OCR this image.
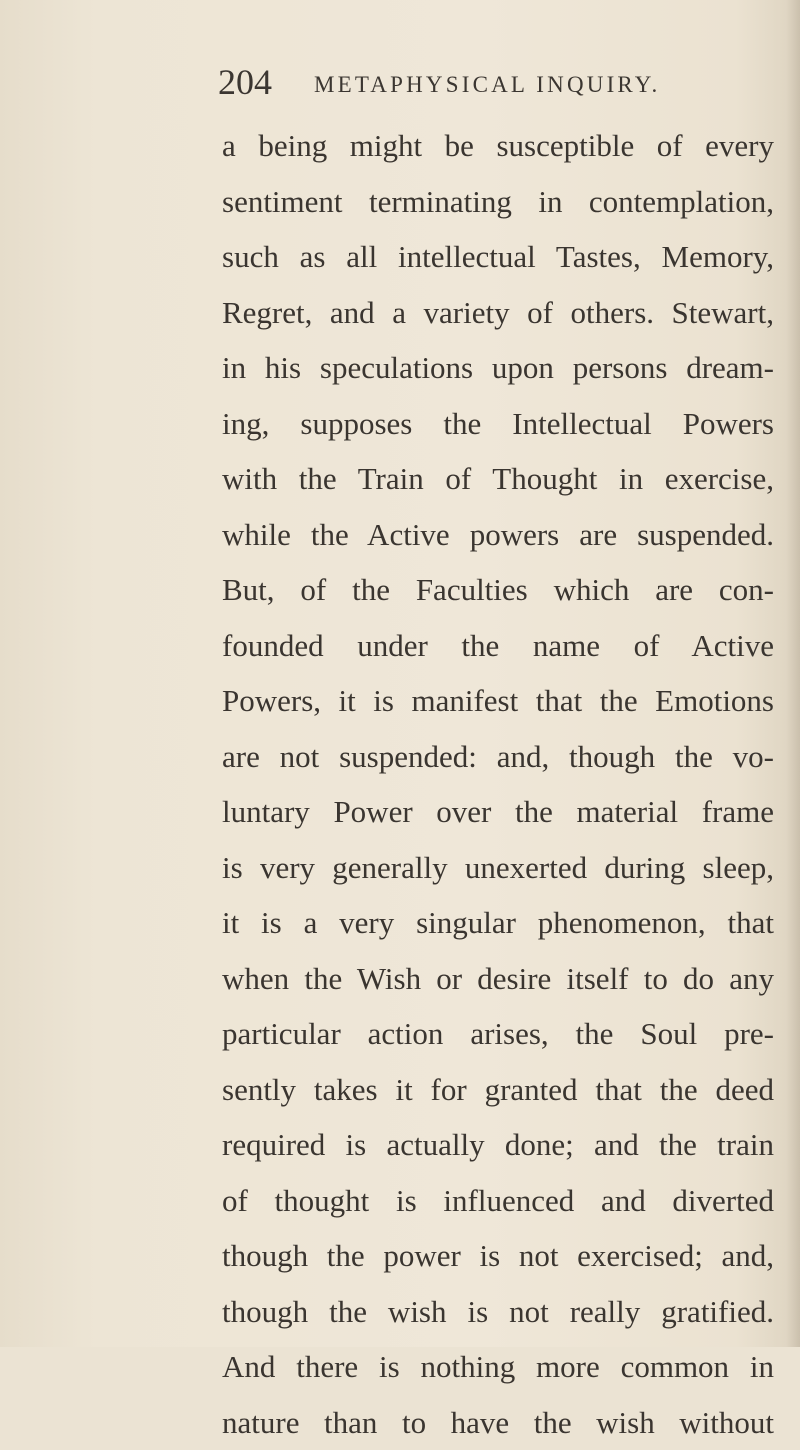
204 METAPHYSICAL INQUIRY.
a being might be susceptible of every
sentiment terminating in contemplation,
such as all intellectual Tastes, Memory,
Regret, and a variety of others. Stewart,
in his speculations upon persons dream-
ing, supposes the Intellectual Powers
with the Train of Thought in exercise,
while the Active powers are suspended.
But, of the Faculties which are con-
founded under the name of Active
Powers, it is manifest that the Emotions
are not suspended: and, though the vo-
luntary Power over the material frame
is very generally unexerted during sleep,
it is a very singular phenomenon, that
when the Wish or desire itself to do any
particular action arises, the Soul pre-
sently takes it for granted that the deed
required is actually done; and the train
of thought is influenced and diverted
though the power is not exercised; and,
though the wish is not really gratified.
And there is nothing more common in
nature than to have the wish without
